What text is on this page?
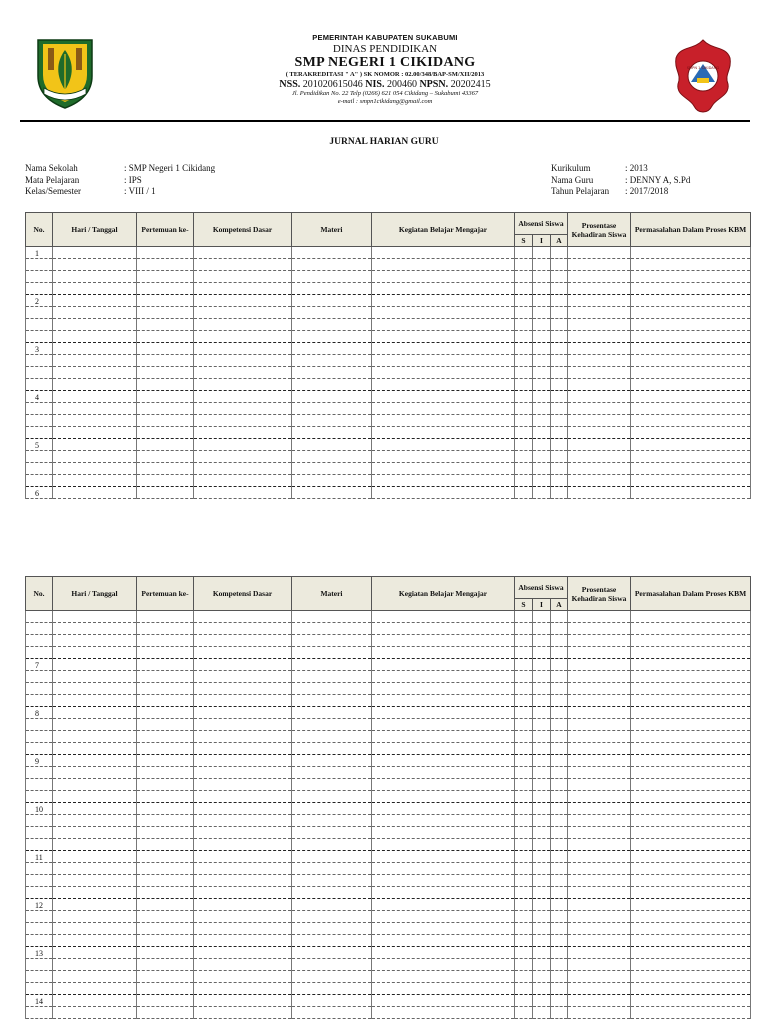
PEMERINTAH KABUPATEN SUKABUMI
DINAS PENDIDIKAN
SMP NEGERI 1 CIKIDANG
( TERAKREDITASI " A" ) SK NOMOR : 02.00/348/BAP-SM/XII/2013
NSS. 201020615046 NIS. 200460 NPSN. 20202415
Jl. Pendidikan No. 22 Telp (0266) 621 054 Cikidang – Sukabumi 43367
e-mail : smpn1cikidang@gmail.com
SMPN 1 CIKIDANG
JURNAL HARIAN GURU
Nama Sekolah	: SMP Negeri 1 Cikidang
Mata Pelajaran	: IPS
Kelas/Semester	: VIII / 1
Kurikulum	: 2013
Nama Guru	: DENNY A, S.Pd
Tahun Pelajaran	: 2017/2018
No.	Hari / Tanggal	Pertemuan ke-	Kompetensi Dasar	Materi	Kegiatan Belajar Mengajar	Absensi Siswa			Prosentase Kehadiran Siswa	Permasalahan Dalam Proses KBM
						S	I	A		
1										

2										

3										

4										

5										

6										
No.	Hari / Tanggal	Pertemuan ke-	Kompetensi Dasar	Materi	Kegiatan Belajar Mengajar	Absensi Siswa			Prosentase Kehadiran Siswa	Permasalahan Dalam Proses KBM
						S	I	A		

7										

8										

9										

10										

11										

12										

13										

14										
